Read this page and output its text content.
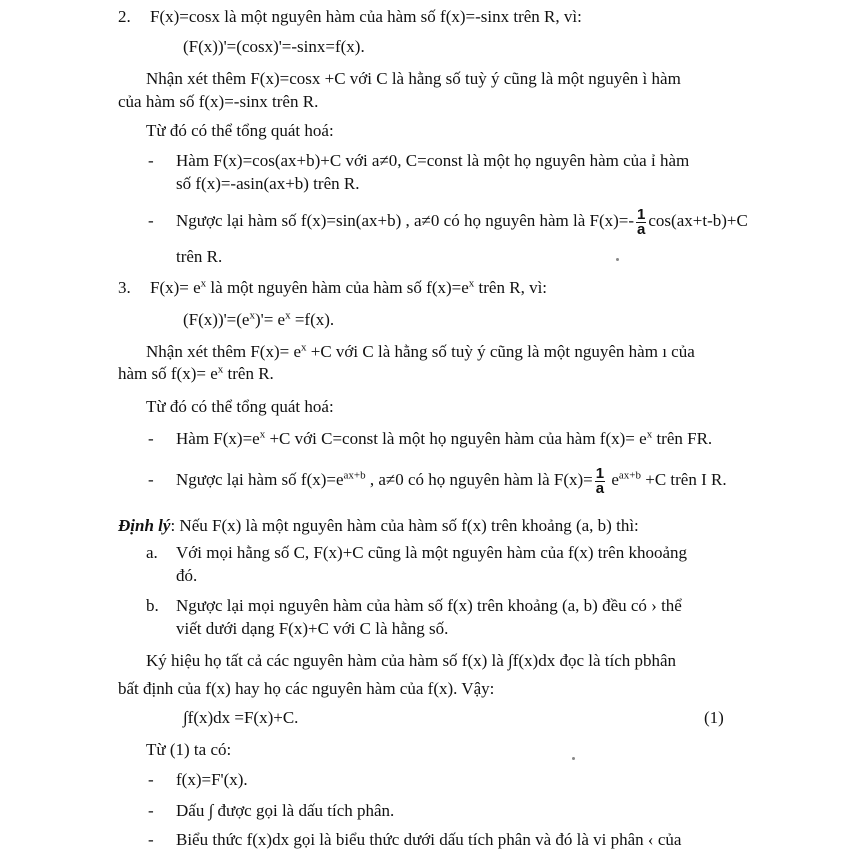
2. F(x)=cosx là một nguyên hàm của hàm số f(x)=-sinx trên R, vì:
(F(x))'=(cosx)'=-sinx=f(x).
Nhận xét thêm F(x)=cosx +C với C là hằng số tuỳ ý cũng là một nguyên ì hàm
của hàm số f(x)=-sinx trên R.
Từ đó có thể tổng quát hoá:
- Hàm F(x)=cos(ax+b)+C với a≠0, C=const là một họ nguyên hàm của ỉ hàm
số f(x)=-asin(ax+b) trên R.
- Ngược lại hàm số f(x)=sin(ax+b) , a≠0 có họ nguyên hàm là $F(x)=- \frac{1}{a} \cos(ax+t-b)+C$
trên R.
3. $F(x)= e^x$ là một nguyên hàm của hàm số $f(x)=e^x$ trên R, vì:
$(F(x))'=(e^x)'= e^x =f(x)$.
Nhận xét thêm $F(x)= e^x +C$ với C là hằng số tuỳ ý cũng là một nguyên hàm ı của
hàm số $f(x)= e^x$ trên R.
Từ đó có thể tổng quát hoá:
- Hàm $F(x)=e^x +C$ với C=const là một họ nguyên hàm của hàm $f(x)= e^x$ trên FR.
- Ngược lại hàm số $f(x)=e^{ax+b}$ , a≠0 có họ nguyên hàm là $F(x)= \frac{1}{a} e^{ax+b} +C$ trên I R.
Định lý: Nếu F(x) là một nguyên hàm của hàm số f(x) trên khoảng (a, b) thì:
a. Với mọi hằng số C, F(x)+C cũng là một nguyên hàm của f(x) trên khooảng
đó.
b. Ngược lại mọi nguyên hàm của hàm số f(x) trên khoảng (a, b) đều có › thể
viết dưới dạng F(x)+C với C là hằng số.
Ký hiệu họ tất cả các nguyên hàm của hàm số f(x) là ∫f(x)dx đọc là tích pbhân
bất định của f(x) hay họ các nguyên hàm của f(x). Vậy:
∫f(x)dx =F(x)+C.	(1)
Từ (1) ta có:
- f(x)=F'(x).
- Dấu ∫ được gọi là dấu tích phân.
- Biểu thức f(x)dx gọi là biểu thức dưới dấu tích phân và đó là vi phân ‹ của
